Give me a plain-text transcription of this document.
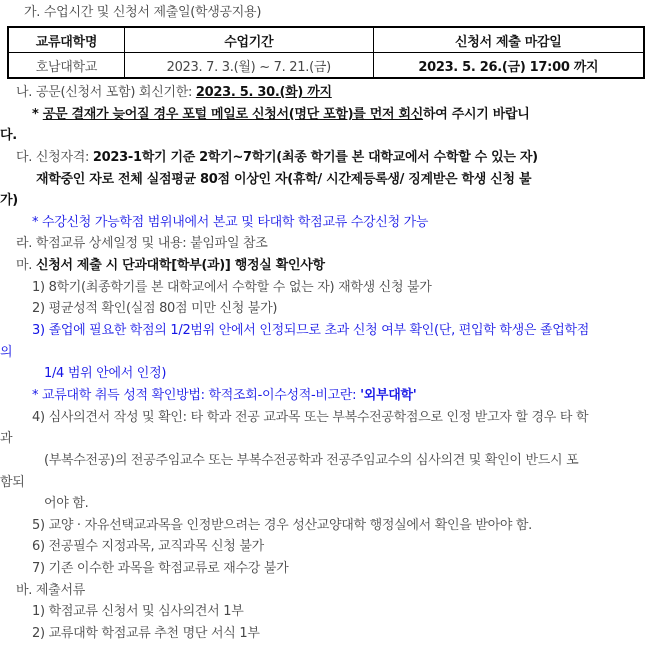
가. 수업시간 및 신청서 제출일(학생공지용)
교류대학명	수업기간	신청서 제출 마감일
호남대학교	2023. 7. 3.(월) ~ 7. 21.(금)	2023. 5. 26.(금) 17:00 까지
나. 공문(신청서 포함) 회신기한: 2023. 5. 30.(화) 까지
* 공문 결재가 늦어질 경우 포털 메일로 신청서(명단 포함)를 먼저 회신하여 주시기 바랍니
다.
다. 신청자격: 2023-1학기 기준 2학기~7학기(최종 학기를 본 대학교에서 수학할 수 있는 자)
재학중인 자로 전체 실점평균 80점 이상인 자(휴학/ 시간제등록생/ 징계받은 학생 신청 불
가)
* 수강신청 가능학점 범위내에서 본교 및 타대학 학점교류 수강신청 가능
라. 학점교류 상세일정 및 내용: 붙임파일 참조
마. 신청서 제출 시 단과대학[학부(과)] 행정실 확인사항
1) 8학기(최종학기를 본 대학교에서 수학할 수 없는 자) 재학생 신청 불가
2) 평균성적 확인(실점 80점 미만 신청 불가)
3) 졸업에 필요한 학점의 1/2범위 안에서 인정되므로 초과 신청 여부 확인(단, 편입학 학생은 졸업학점
의
1/4 범위 안에서 인정)
* 교류대학 취득 성적 확인방법: 학적조회-이수성적-비고란: '외부대학'
4) 심사의견서 작성 및 확인: 타 학과 전공 교과목 또는 부복수전공학점으로 인정 받고자 할 경우 타 학
과
(부복수전공)의 전공주임교수 또는 부복수전공학과 전공주임교수의 심사의견 및 확인이 반드시 포
함되
어야 함.
5) 교양 · 자유선택교과목을 인정받으려는 경우 성산교양대학 행정실에서 확인을 받아야 함.
6) 전공필수 지정과목, 교직과목 신청 불가
7) 기존 이수한 과목을 학점교류로 재수강 불가
바. 제출서류
1) 학점교류 신청서 및 심사의견서 1부
2) 교류대학 학점교류 추천 명단 서식 1부
